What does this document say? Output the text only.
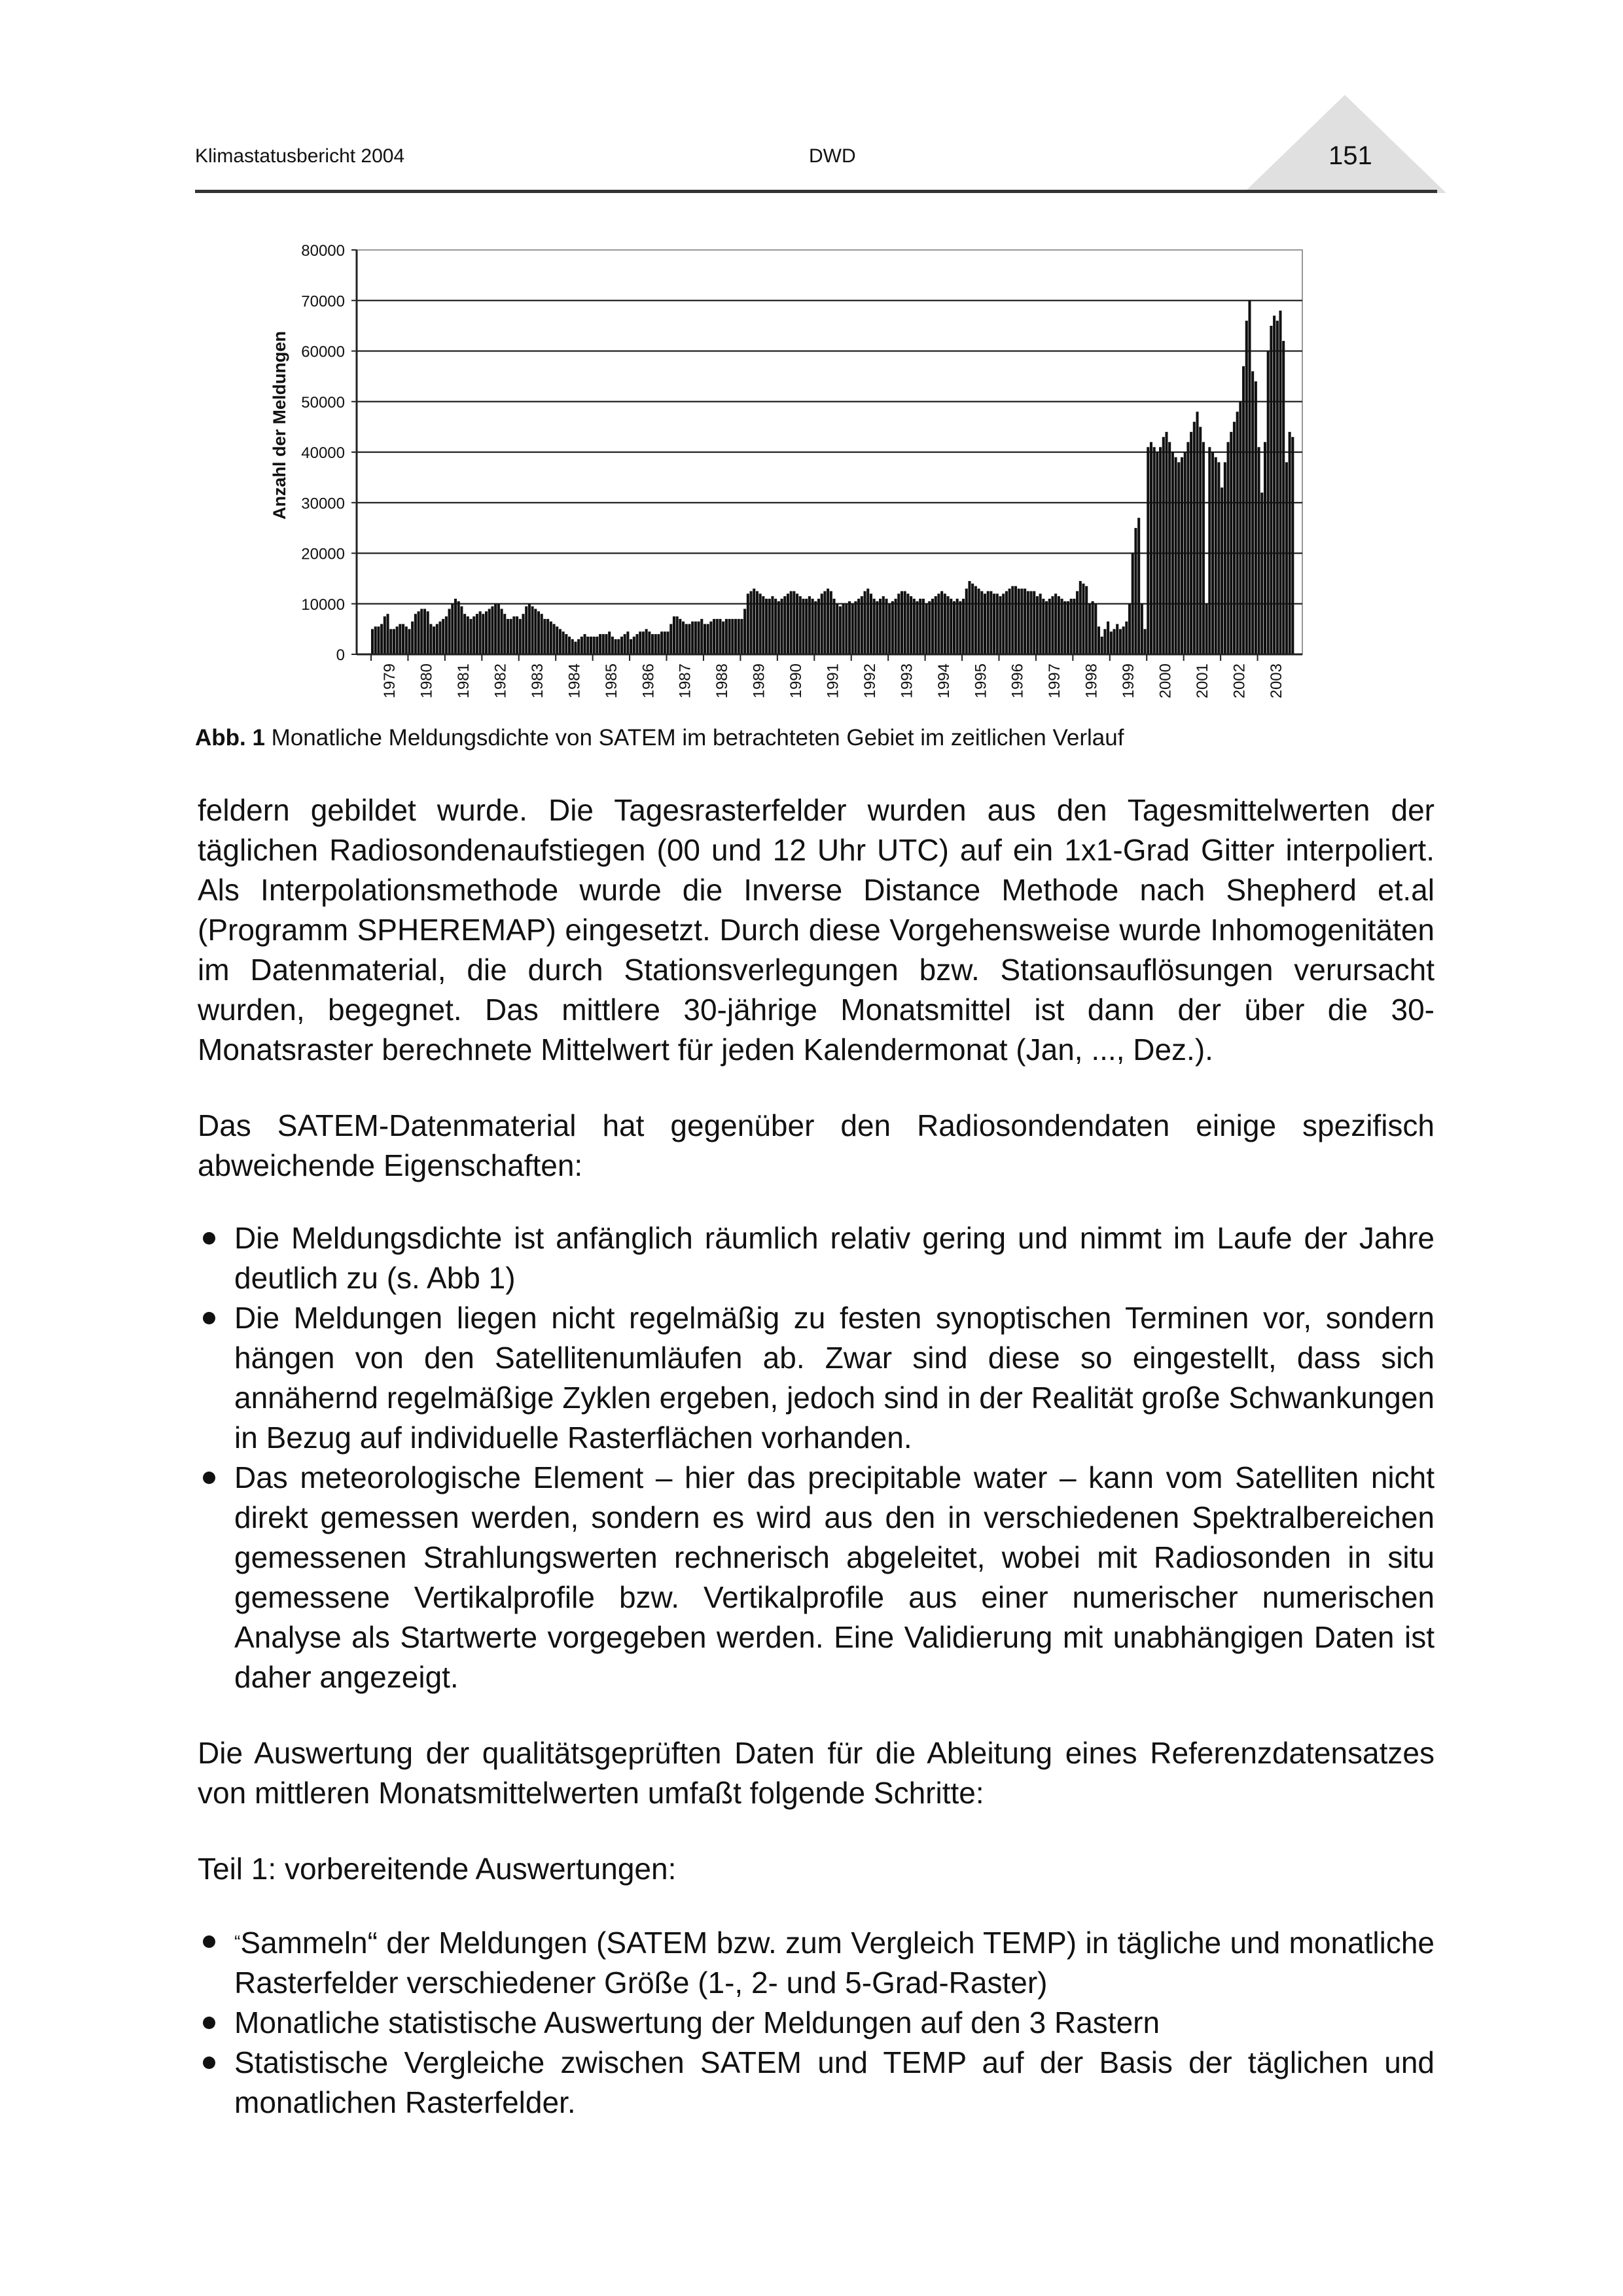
Klimastatusbericht 2004	DWD	151
0
10000
20000
30000
40000
50000
60000
70000
80000
1979 1980 1981 1982 1983 1984 1985 1986 1987 1988 1989 1990 1991 1992 1993 1994 1995 1996 1997 1998 1999 2000 2001 2002 2003
Anzahl der Meldungen
Abb. 1 Monatliche Meldungsdichte von SATEM im betrachteten Gebiet im zeitlichen Verlauf

feldern gebildet wurde. Die Tagesrasterfelder wurden aus den Tagesmittelwerten der täglichen Radiosondenaufstiegen (00 und 12 Uhr UTC) auf ein 1x1-Grad Gitter interpoliert. Als Interpolationsmethode wurde die Inverse Distance Methode nach Shepherd et.al (Programm SPHEREMAP) eingesetzt. Durch diese Vorgehensweise wurde Inhomogenitäten im Datenmaterial, die durch Stationsverlegungen bzw. Stationsauflösungen verursacht wurden, begegnet. Das mittlere 30-jährige Monatsmittel ist dann der über die 30- Monatsraster berechnete Mittelwert für jeden Kalendermonat (Jan, ..., Dez.).

Das SATEM-Datenmaterial hat gegenüber den Radiosondendaten einige spezifisch abweichende Eigenschaften:

Die Meldungsdichte ist anfänglich räumlich relativ gering und nimmt im Laufe der Jahre deutlich zu (s. Abb 1)
Die Meldungen liegen nicht regelmäßig zu festen synoptischen Terminen vor, sondern hängen von den Satellitenumläufen ab. Zwar sind diese so eingestellt, dass sich annähernd regelmäßige Zyklen ergeben, jedoch sind in der Realität große Schwankungen in Bezug auf individuelle Rasterflächen vorhanden.
Das meteorologische Element – hier das precipitable water – kann vom Satelliten nicht direkt gemessen werden, sondern es wird aus den in verschiedenen Spektralbereichen gemessenen Strahlungswerten rechnerisch abgeleitet, wobei mit Radiosonden in situ gemessene Vertikalprofile bzw. Vertikalprofile aus einer numerischer numerischen Analyse als Startwerte vorgegeben werden. Eine Validierung mit unabhängigen Daten ist daher angezeigt.

Die Auswertung der qualitätsgeprüften Daten für die Ableitung eines Referenzdatensatzes von mittleren Monatsmittelwerten umfaßt folgende Schritte:

Teil 1: vorbereitende Auswertungen:

“Sammeln“ der Meldungen (SATEM bzw. zum Vergleich TEMP) in tägliche und monatliche Rasterfelder verschiedener Größe (1-, 2- und 5-Grad-Raster)
Monatliche statistische Auswertung der Meldungen auf den 3 Rastern
Statistische Vergleiche zwischen SATEM und TEMP auf der Basis der täglichen und monatlichen Rasterfelder.
